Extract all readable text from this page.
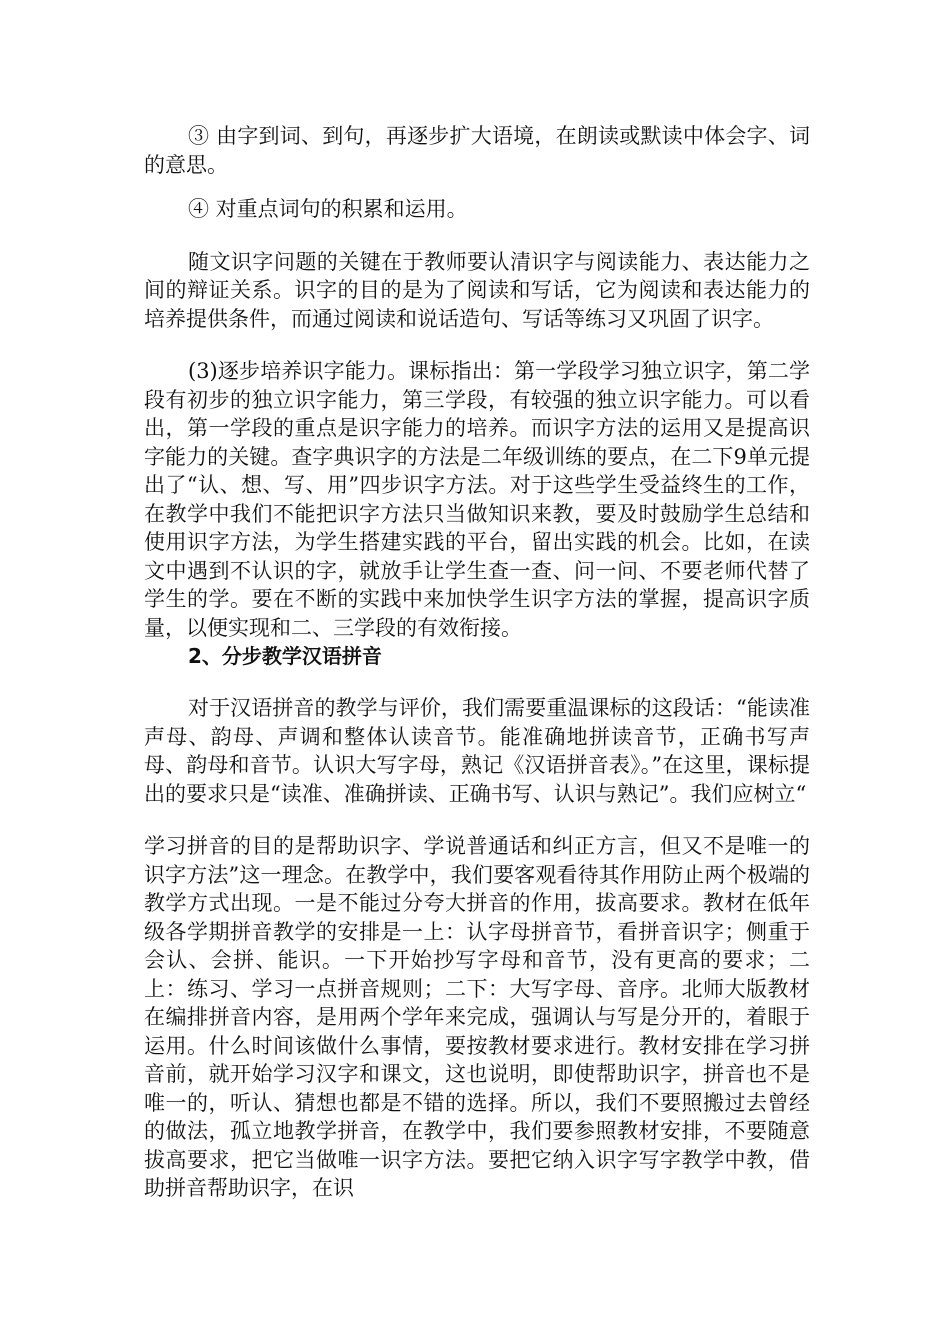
③ 由字到词、到句，再逐步扩大语境，在朗读或默读中体会字、词的意思。

④ 对重点词句的积累和运用。

随文识字问题的关键在于教师要认清识字与阅读能力、表达能力之间的辩证关系。识字的目的是为了阅读和写话，它为阅读和表达能力的培养提供条件，而通过阅读和说话造句、写话等练习又巩固了识字。

(3)逐步培养识字能力。课标指出：第一学段学习独立识字，第二学段有初步的独立识字能力，第三学段，有较强的独立识字能力。可以看出，第一学段的重点是识字能力的培养。而识字方法的运用又是提高识字能力的关键。查字典识字的方法是二年级训练的要点，在二下9单元提出了“认、想、写、用”四步识字方法。对于这些学生受益终生的工作，在教学中我们不能把识字方法只当做知识来教，要及时鼓励学生总结和使用识字方法，为学生搭建实践的平台，留出实践的机会。比如，在读文中遇到不认识的字，就放手让学生查一查、问一问、不要老师代替了学生的学。要在不断的实践中来加快学生识字方法的掌握，提高识字质量，以便实现和二、三学段的有效衔接。

2、分步教学汉语拼音

对于汉语拼音的教学与评价，我们需要重温课标的这段话：“能读准声母、韵母、声调和整体认读音节。能准确地拼读音节，正确书写声母、韵母和音节。认识大写字母，熟记《汉语拼音表》。”在这里，课标提出的要求只是“读准、准确拼读、正确书写、认识与熟记”。我们应树立“

学习拼音的目的是帮助识字、学说普通话和纠正方言，但又不是唯一的识字方法”这一理念。在教学中，我们要客观看待其作用防止两个极端的教学方式出现。一是不能过分夸大拼音的作用，拔高要求。教材在低年级各学期拼音教学的安排是一上：认字母拼音节，看拼音识字；侧重于会认、会拼、能识。一下开始抄写字母和音节，没有更高的要求；二上：练习、学习一点拼音规则；二下：大写字母、音序。北师大版教材在编排拼音内容，是用两个学年来完成，强调认与写是分开的，着眼于运用。什么时间该做什么事情，要按教材要求进行。教材安排在学习拼音前，就开始学习汉字和课文，这也说明，即使帮助识字，拼音也不是唯一的，听认、猜想也都是不错的选择。所以，我们不要照搬过去曾经的做法，孤立地教学拼音，在教学中，我们要参照教材安排，不要随意拔高要求，把它当做唯一识字方法。要把它纳入识字写字教学中教，借助拼音帮助识字，在识
